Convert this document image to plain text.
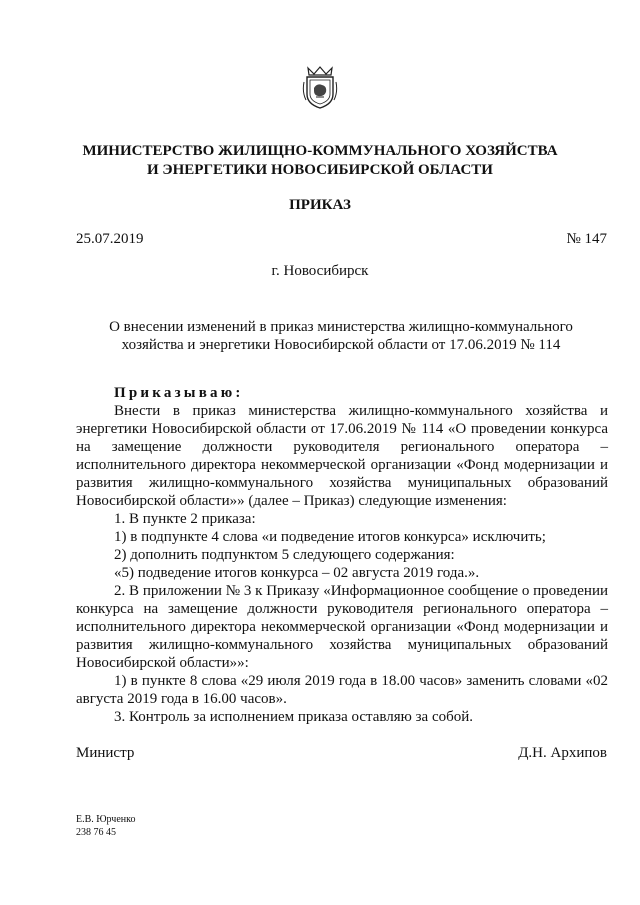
МИНИСТЕРСТВО ЖИЛИЩНО-КОММУНАЛЬНОГО ХОЗЯЙСТВА
И ЭНЕРГЕТИКИ НОВОСИБИРСКОЙ ОБЛАСТИ
ПРИКАЗ
25.07.2019	№ 147
г. Новосибирск
О внесении изменений в приказ министерства жилищно-коммунального
хозяйства и энергетики Новосибирской области от 17.06.2019 № 114

Приказываю:

Внести в приказ министерства жилищно-коммунального хозяйства и энергетики Новосибирской области от 17.06.2019 № 114 «О проведении конкурса на замещение должности руководителя регионального оператора – исполнительного директора некоммерческой организации «Фонд модернизации и развития жилищно-коммунального хозяйства муниципальных образований Новосибирской области»» (далее – Приказ) следующие изменения:

1. В пункте 2 приказа:

1) в подпункте 4 слова «и подведение итогов конкурса» исключить;

2) дополнить подпунктом 5 следующего содержания:

«5) подведение итогов конкурса – 02 августа 2019 года.».

2. В приложении № 3 к Приказу «Информационное сообщение о проведении конкурса на замещение должности руководителя регионального оператора – исполнительного директора некоммерческой организации «Фонд модернизации и развития жилищно-коммунального хозяйства муниципальных образований Новосибирской области»»:

1) в пункте 8 слова «29 июля 2019 года в 18.00 часов» заменить словами «02 августа 2019 года в 16.00 часов».

3. Контроль за исполнением приказа оставляю за собой.

Министр	Д.Н. Архипов
Е.В. Юрченко
238 76 45
